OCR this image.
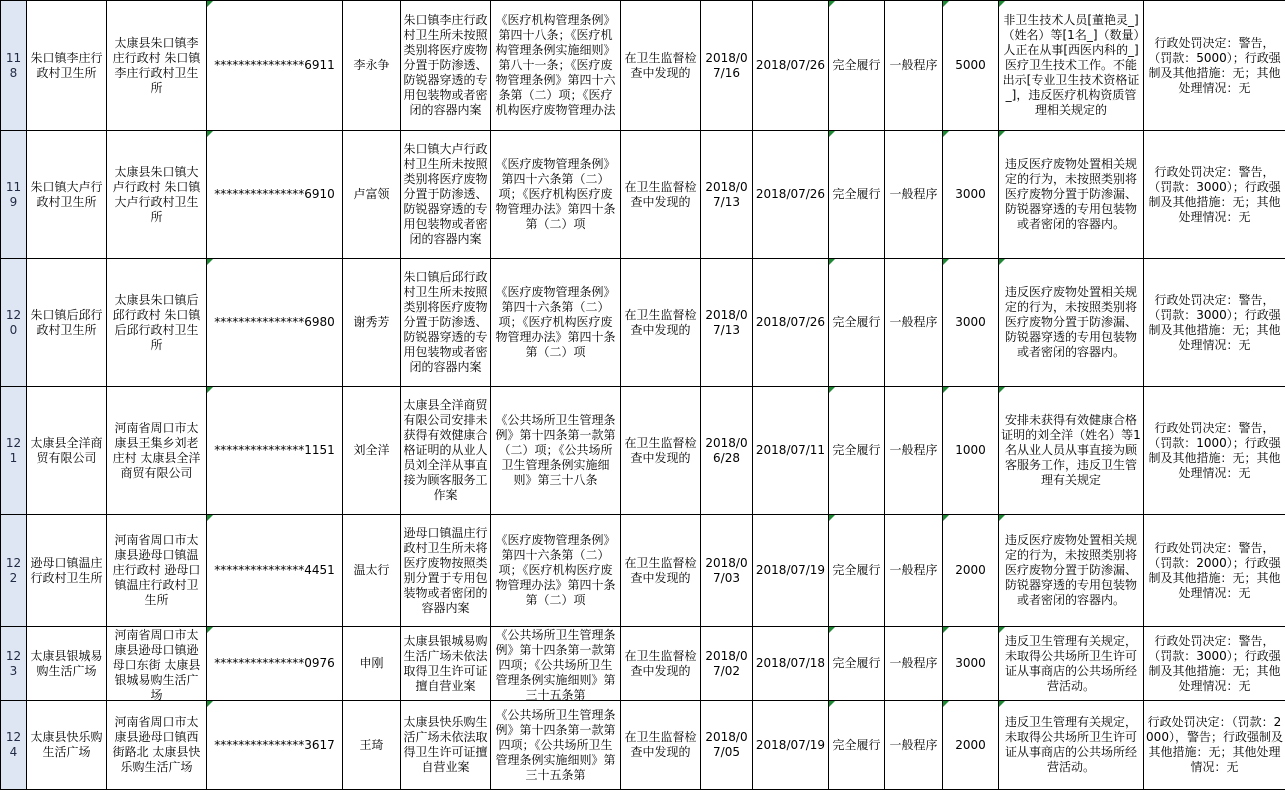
118	朱口镇李庄行政村卫生所	太康县朱口镇李庄行政村 朱口镇李庄行政村卫生所	***************6911	李永争	朱口镇李庄行政村卫生所未按照类别将医疗废物分置于防渗透、防锐器穿透的专用包装物或者密闭的容器内案	《医疗机构管理条例》第四十八条；《医疗机构管理条例实施细则》第八十一条；《医疗废物管理条例》第四十六条第（二）项；《医疗机构医疗废物管理办法	在卫生监督检查中发现的	2018/07/16	2018/07/26	完全履行	一般程序	5000	非卫生技术人员[董艳灵_]（姓名）等[1名_]（数量）人正在从事[西医内科的_]医疗卫生技术工作。不能出示[专业卫生技术资格证_]，违反医疗机构资质管理相关规定的	行政处罚决定：警告，（罚款：5000）；行政强制及其他措施：无；其他处理情况：无

119	朱口镇大卢行政村卫生所	太康县朱口镇大卢行政村 朱口镇大卢行政村卫生所	***************6910	卢富领	朱口镇大卢行政村卫生所未按照类别将医疗废物分置于防渗透、防锐器穿透的专用包装物或者密闭的容器内案	《医疗废物管理条例》第四十六条第（二）项；《医疗机构医疗废物管理办法》第四十条第（二）项	在卫生监督检查中发现的	2018/07/13	2018/07/26	完全履行	一般程序	3000	违反医疗废物处置相关规定的行为，未按照类别将医疗废物分置于防渗漏、防锐器穿透的专用包装物或者密闭的容器内。	行政处罚决定：警告，（罚款：3000）；行政强制及其他措施：无；其他处理情况：无

120	朱口镇后邱行政村卫生所	太康县朱口镇后邱行政村 朱口镇后邱行政村卫生所	***************6980	谢秀芳	朱口镇后邱行政村卫生所未按照类别将医疗废物分置于防渗透、防锐器穿透的专用包装物或者密闭的容器内案	《医疗废物管理条例》第四十六条第（二）项；《医疗机构医疗废物管理办法》第四十条第（二）项	在卫生监督检查中发现的	2018/07/13	2018/07/26	完全履行	一般程序	3000	违反医疗废物处置相关规定的行为，未按照类别将医疗废物分置于防渗漏、防锐器穿透的专用包装物或者密闭的容器内。	行政处罚决定：警告，（罚款：3000）；行政强制及其他措施：无；其他处理情况：无

121	太康县全洋商贸有限公司	河南省周口市太康县王集乡刘老庄村 太康县全洋商贸有限公司	***************1151	刘全洋	太康县全洋商贸有限公司安排未获得有效健康合格证明的从业人员刘全洋从事直接为顾客服务工作案	《公共场所卫生管理条例》第十四条第一款第（二）项；《公共场所卫生管理条例实施细则》第三十八条	在卫生监督检查中发现的	2018/06/28	2018/07/11	完全履行	一般程序	1000	安排未获得有效健康合格证明的刘全洋（姓名）等1名从业人员从事直接为顾客服务工作，违反卫生管理有关规定	行政处罚决定：警告，（罚款：1000）；行政强制及其他措施：无；其他处理情况：无

122	逊母口镇温庄行政村卫生所	河南省周口市太康县逊母口镇温庄行政村 逊母口镇温庄行政村卫生所	***************4451	温太行	逊母口镇温庄行政村卫生所未将医疗废物按照类别分置于专用包装物或者密闭的容器内案	《医疗废物管理条例》第四十六条第（二）项；《医疗机构医疗废物管理办法》第四十条第（二）项	在卫生监督检查中发现的	2018/07/03	2018/07/19	完全履行	一般程序	2000	违反医疗废物处置相关规定的行为，未按照类别将医疗废物分置于防渗漏、防锐器穿透的专用包装物或者密闭的容器内。	行政处罚决定：警告，（罚款：2000）；行政强制及其他措施：无；其他处理情况：无

123	太康县银城易购生活广场	河南省周口市太康县逊母口镇逊母口东街 太康县银城易购生活广场	***************0976	申刚	太康县银城易购生活广场未依法取得卫生许可证擅自营业案	《公共场所卫生管理条例》第十四条第一款第四项；《公共场所卫生管理条例实施细则》第三十五条第	在卫生监督检查中发现的	2018/07/02	2018/07/18	完全履行	一般程序	3000	违反卫生管理有关规定，未取得公共场所卫生许可证从事商店的公共场所经营活动。	行政处罚决定：警告，（罚款：3000）；行政强制及其他措施：无；其他处理情况：无

124	太康县快乐购生活广场	河南省周口市太康县逊母口镇西街路北 太康县快乐购生活广场	***************3617	王琦	太康县快乐购生活广场未依法取得卫生许可证擅自营业案	《公共场所卫生管理条例》第十四条第一款第四项；《公共场所卫生管理条例实施细则》第三十五条第	在卫生监督检查中发现的	2018/07/05	2018/07/19	完全履行	一般程序	2000	违反卫生管理有关规定，未取得公共场所卫生许可证从事商店的公共场所经营活动。	行政处罚决定：（罚款：2000），警告；行政强制及其他措施：无；其他处理情况：无
